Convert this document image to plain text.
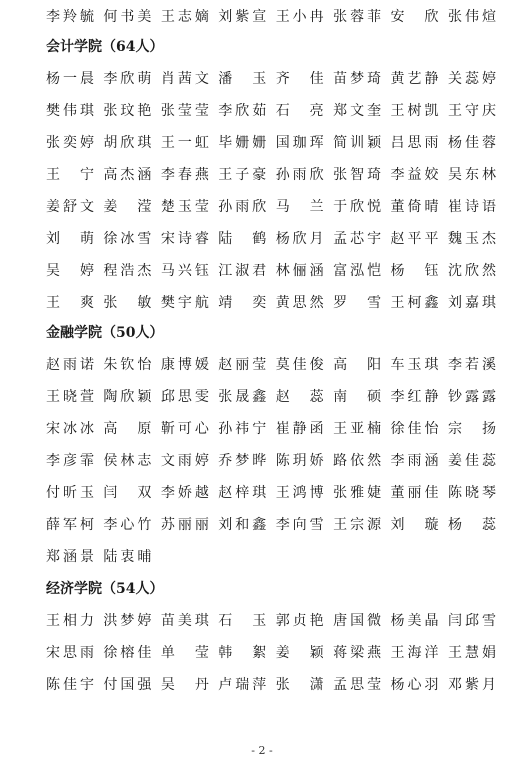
李羚毓 何书美 王志嫡 刘紫宣 王小冉 张蓉菲 安欣 张伟煊
会计学院（64人）
杨一晨 李欣萌 肖茜文 潘玉 齐佳 苗梦琦 黄艺静 关蕊婷
樊伟琪 张玟艳 张莹莹 李欣茹 石亮 郑文奎 王树凯 王守庆
张奕婷 胡欣琪 王一虹 毕姗姗 国珈珲 简训颖 吕思雨 杨佳蓉
王宁 高杰涵 李春燕 王子豪 孙雨欣 张智琦 李益姣 吴东林
姜舒文 姜滢 楚玉莹 孙雨欣 马兰 于欣悦 董倚晴 崔诗语
刘萌 徐冰雪 宋诗睿 陆鹤 杨欣月 孟芯宇 赵平平 魏玉杰
吴婷 程浩杰 马兴钰 江淑君 林俪涵 富泓恺 杨钰 沈欣然
王爽 张敏 樊宇航 靖奕 黄思然 罗雪 王柯鑫 刘嘉琪
金融学院（50人）
赵雨诺 朱钦怡 康博媛 赵丽莹 莫佳俊 高阳 车玉琪 李若溪
王晓萱 陶欣颖 邱思雯 张晟鑫 赵蕊 南硕 李红静 钞露露
宋冰冰 高原 靳可心 孙祎宁 崔静函 王亚楠 徐佳怡 宗扬
李彦霏 侯林志 文雨婷 乔梦晔 陈玥娇 路依然 李雨涵 姜佳蕊
付昕玉 闫双 李娇越 赵梓琪 王鸿博 张雅婕 董丽佳 陈晓琴
薛军柯 李心竹 苏丽丽 刘和鑫 李向雪 王宗源 刘璇 杨蕊
郑涵景 陆衷晡
经济学院（54人）
王相力 洪梦婷 苗美琪 石玉 郭贞艳 唐国微 杨美晶 闫邱雪
宋思雨 徐榕佳 单莹 韩絮 姜颖 蒋梁燕 王海洋 王慧娟
陈佳宇 付国强 吴丹 卢瑞萍 张潇 孟思莹 杨心羽 邓紫月
- 2 -
